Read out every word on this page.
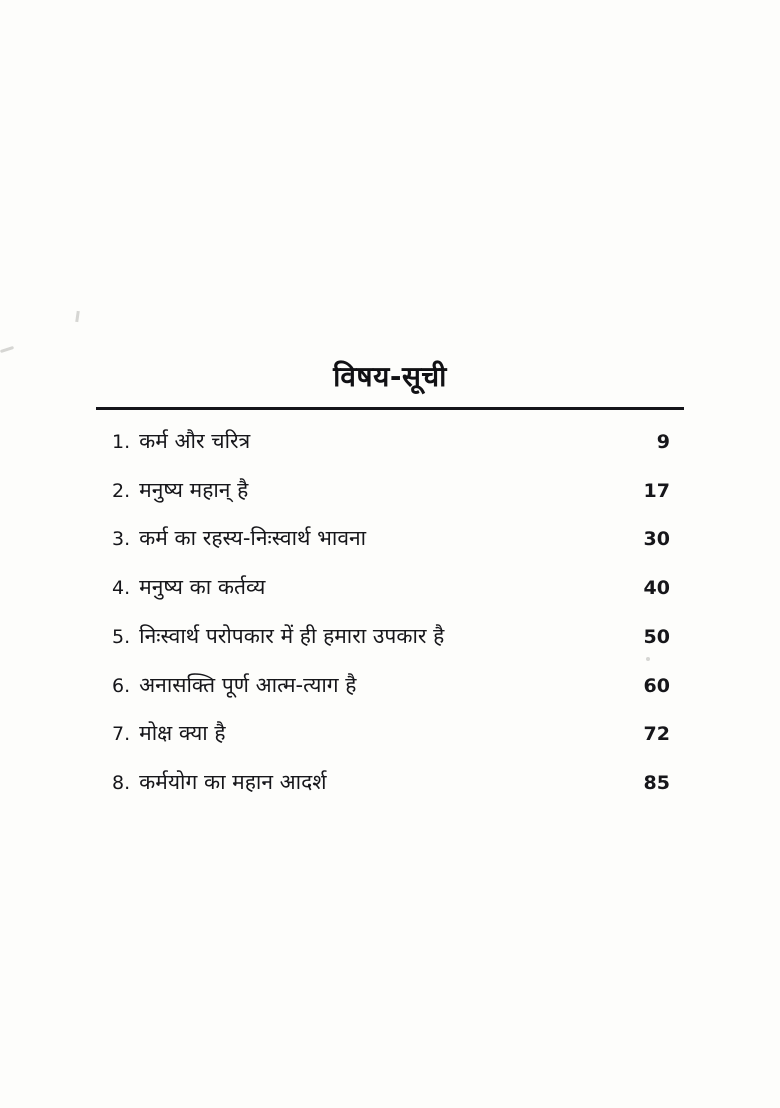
विषय-सूची
1. कर्म और चरित्र	9
2. मनुष्य महान् है	17
3. कर्म का रहस्य-निःस्वार्थ भावना	30
4. मनुष्य का कर्तव्य	40
5. निःस्वार्थ परोपकार में ही हमारा उपकार है	50
6. अनासक्ति पूर्ण आत्म-त्याग है	60
7. मोक्ष क्या है	72
8. कर्मयोग का महान आदर्श	85
